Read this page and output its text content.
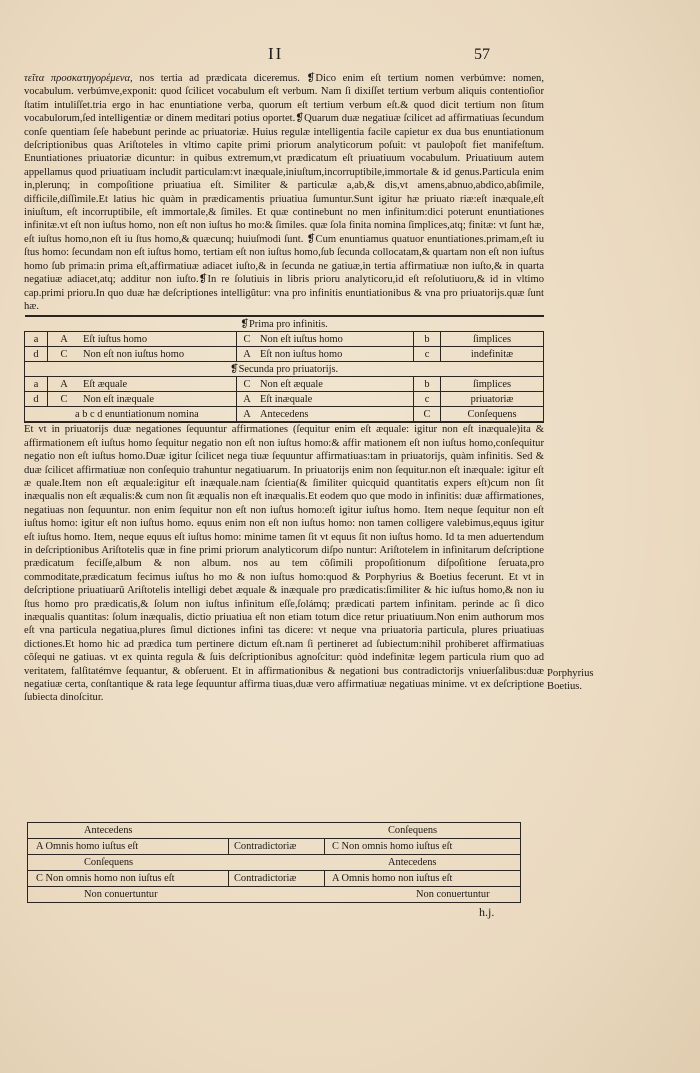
II	57

τεῖτα προσκατηγορέμενα, nos tertia ad prædicata diceremus. ❡Dico enim eſt tertium nomen verbúmve: nomen, vocabulum. verbúmve,exponit: quod ſcilicet vocabulum eſt verbum. Nam ſi dixiſſet tertium verbum aliquis contentioſior ſtatim intuliſſet.tria ergo in hac enuntiatione verba, quorum eſt tertium verbum eſt.& quod dicit tertium non ſitum vocabulorum,ſed intelligentiæ or dinem meditari potius oportet.❡Quarum duæ negatiuæ ſcilicet ad affirmatiuas ſecundum conſe quentiam ſeſe habebunt perinde ac priuatoriæ. Huius regulæ intelligentia facile capietur ex dua bus enuntiationum deſcriptionibus quas Ariſtoteles in vltimo capite primi priorum analyticorum poſuit: vt pauloþoſt fiet manifeſtum. Enuntiationes priuatoriæ dicuntur: in quibus extremum,vt prædicatum eſt priuatiuum vocabulum. Priuatiuum autem appellamus quod priuatiuam includit particulam:vt inæquale,iniuſtum,incorruptibile,immortale & id genus.Particula enim in,plerunq; in compoſitione priuatiua eſt. Similiter & particulæ a,ab,& dis,vt amens,abnuo,abdico,abſimile, difficile,diſſimile.Et latius hic quàm in prædicamentis priuatiua ſumuntur.Sunt igitur hæ priuato riæ:eſt inæquale,eſt iniuſtum, eſt incorruptibile, eſt immortale,& ſimiles. Et quæ continebunt no men infinitum:dici poterunt enuntiationes infinitæ.vt eſt non iuſtus homo, non eſt non iuſtus ho mo:& ſimiles. quæ ſola finita nomina ſimplices,atq; finitæ: vt ſunt hæ, eſt iuſtus homo,non eſt iu ſtus homo,& quæcunq; huiuſmodi ſunt. ❡Cum enuntiamus quatuor enuntiationes.primam,eſt iu ſtus homo: ſecundam non eſt iuſtus homo, tertiam eſt non iuſtus homo,ſub ſecunda collocatam,& quartam non eſt non iuſtus homo ſub prima:in prima eſt,affirmatiuæ adiacet iuſto,& in ſecunda ne gatiuæ,in tertia affirmatiuæ non iuſto,& in quarta negatiuæ adiacet,atq; additur non iuſto.❡In re ſolutiuis in libris prioru analyticoru,id eſt reſolutiuoru,& id in vltimo cap.primi prioru.In quo duæ hæ deſcriptiones intelligũtur: vna pro infinitis enuntiationibus & vna pro priuatorijs.quæ ſunt hæ.

❡Prima pro infinitis.						
a	A	Eſt iuſtus homo	C	Non eſt iuſtus homo	b	ſimplices
d	C	Non eſt non iuſtus homo	A	Eſt non iuſtus homo	c	indefinitæ
❡Secunda pro priuatorijs.						
a	A	Eſt æquale	C	Non eſt æquale	b	ſimplices
d	C	Non eſt inæquale	A	Eſt inæquale	c	priuatoriæ
a b c d enuntiationum nomina			A	Antecedens	C	Conſequens

Et vt in priuatorijs duæ negationes ſequuntur affirmationes (ſequitur enim eſt æquale: igitur non eſt inæquale)ita & affirmationem eſt iuſtus homo ſequitur negatio non eſt non iuſtus homo:& affir mationem eſt non iuſtus homo,conſequitur negatio non eſt iuſtus homo.Duæ igitur ſcilicet nega tiuæ ſequuntur affirmatiuas:tam in priuatorijs, quàm infinitis. Sed & duæ ſcilicet affirmatiuæ non conſequio trahuntur negatiuarum. In priuatorijs enim non ſequitur.non eſt inæquale: igitur eſt æ quale.Item non eſt æquale:igitur eſt inæquale.nam ſcientia(& ſimiliter quicquid quantitatis expers eſt)cum non ſit inæqualis non eſt æqualis:& cum non ſit æqualis non eſt inæqualis.Et eodem quo que modo in infinitis: duæ affirmationes, negatiuas non ſequuntur. non enim ſequitur non eſt non iuſtus homo:eſt igitur iuſtus homo. Item neque ſequitur non eſt iuſtus homo: igitur eſt non iuſtus homo. equus enim non eſt non iuſtus homo: non tamen colligere valebimus,equus igitur eſt iuſtus homo. Item, neque equus eſt iuſtus homo: minime tamen ſit vt equus ſit non iuſtus homo. Id ta men aduertendum in deſcriptionibus Ariſtotelis quæ in fine primi priorum analyticorum diſpo nuntur: Ariſtotelem in infinitarum deſcriptione prædicatum feciſſe,album & non album. nos au tem cõſimili propoſitionum diſpoſitione ſeruata,pro commoditate,prædicatum fecimus iuſtus ho mo & non iuſtus homo:quod & Porphyrius & Boetius fecerunt. Et vt in deſcriptione priuatiuarũ Ariſtotelis intelligi debet æquale & inæquale pro prædicatis:ſimiliter & hic iuſtus homo,& non iu ſtus homo pro prædicatis,& ſolum non iuſtus infinitum eſſe,ſolámq; prædicati partem infinitam. perinde ac ſi dico inæqualis quantitas: ſolum inæqualis, dictio priuatiua eſt non etiam totum dice retur priuatiuum.Non enim authorum mos eſt vna particula negatiua,plures ſimul dictiones infini tas dicere: vt neque vna priuatoria particula, plures priuatiuas dictiones.Et homo hic ad prædica tum pertinere dictum eſt.nam ſi pertineret ad ſubiectum:nihil prohiberet affirmatiuas cõſequi ne gatiuas. vt ex quinta regula & ſuis deſcriptionibus agnoſcitur: quòd indefinitæ legem particula rium quo ad veritatem, falſitatémve ſequantur, & obſeruent. Et in affirmationibus & negationi bus contradictorijs vniuerſalibus:duæ negatiuæ certa, conſtantique & rata lege ſequuntur affirma tiuas,duæ vero affirmatiuæ negatiuas minime. vt ex deſcriptione ſubiecta dinoſcitur.

Porphyrius
Boetius.
Antecedens	Conſequens
A Omnis homo iuſtus eſt	Contradictoriæ	C Non omnis homo iuſtus eſt
Conſequens	Antecedens
C Non omnis homo non iuſtus eſt	Contradictoriæ	A Omnis homo non iuſtus eſt
Non conuertuntur	Non conuertuntur
h.j.
